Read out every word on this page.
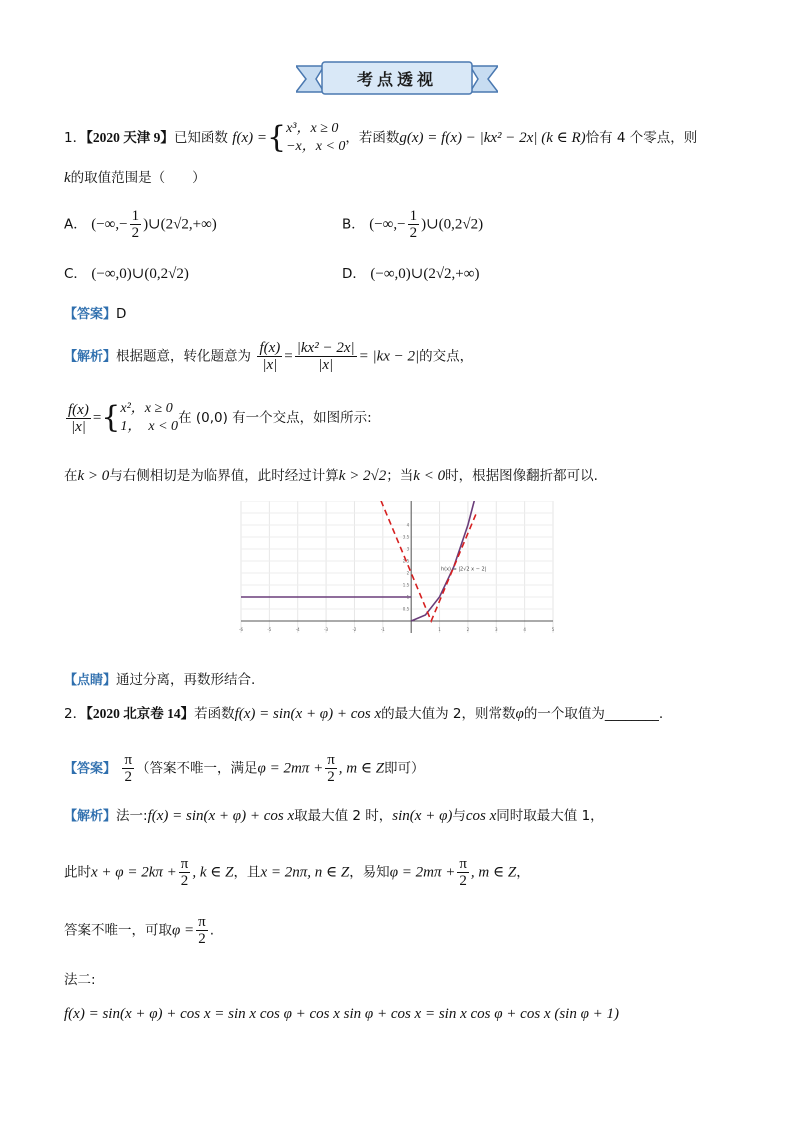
考点透视
1．【2020 天津 9】已知函数 f(x) ={ x³，x ≥ 0
−x，x < 0
，若函数g(x) = f(x) − |kx² − 2x| (k ∈ R)恰有 4 个零点，则
k的取值范围是（　　）
A． (−∞,− $\frac{1}{2}$ )∪(2√2,+∞)	B． (−∞,− $\frac{1}{2}$ )∪(0,2√2)
C． (−∞,0)∪(0,2√2)	D． (−∞,0)∪(2√2,+∞)
【答案】D
【解析】根据题意，转化题意为 $\frac{f(x)}{|x|} = \frac{\text{|kx² − 2x|}}{|x|} = |kx - 2|$的交点，
$\frac{f(x)}{|x|}$ ={ x²，x ≥ 0
1，　x < 0
在 (0,0) 有一个交点，如图所示:
在k > 0与右侧相切是为临界值，此时经过计算k > 2√2；当k < 0时，根据图像翻折都可以.
-6	-5	-4	-3	-2	-1	1	2	3	4	5
0.5
1
1.5
2
2.5
3
3.5
4
h(x) = |2√2 x − 2|
【点睛】通过分离，再数形结合.
2．【2020 北京卷 14】若函数f(x) = sin(x + φ) + cos x的最大值为 2，则常数φ的一个取值为________.
【答案】 $\frac{\pi}{2}$ （答案不唯一，满足$\varphi = 2m\pi + \frac{\pi}{2}$ , m ∈ Z即可）
【解析】法一:f(x) = sin(x + φ) + cos x取最大值 2 时，sin(x + φ)与cos x同时取最大值 1，
此时$x + \varphi = 2k\pi + \frac{\pi}{2}$ , k ∈ Z，且x = 2nπ, n ∈ Z，易知$\varphi = 2m\pi + \frac{\pi}{2}$ , m ∈ Z，
答案不唯一，可取$\varphi = \frac{\pi}{2}$ .
法二:
f(x) = sin(x + φ) + cos x = sin x cos φ + cos x sin φ + cos x = sin x cos φ + cos x (sin φ + 1)
